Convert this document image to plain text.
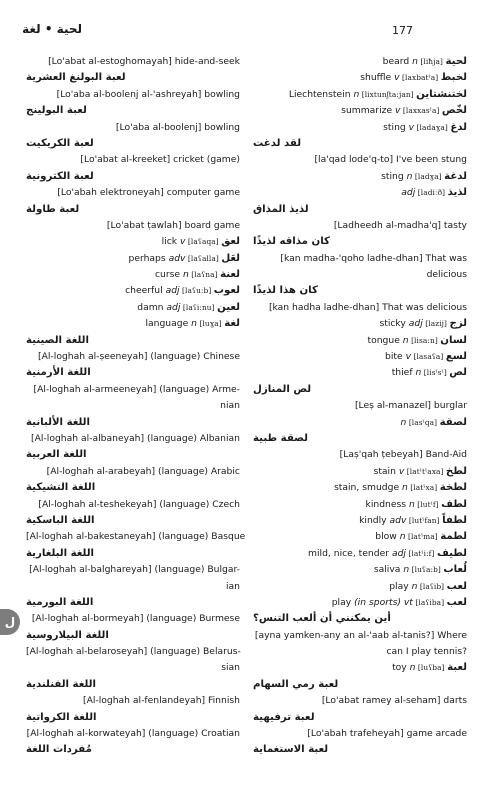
177
لحية • لغة
[Lo'abat al-estoghomayah] hide-and-seek
لعبة البولنغ العشرية
[Lo'aba al-boolenj al-'ashreyah] bowling
لعبة البولينج
[Lo'aba al-boolenj] bowling
لعبة الكريكيت
[Lo'abat al-kreeket] cricket (game)
لعبة الكترونية
[Lo'abah elektroneyah] computer game
لعبة طاولة
[Lo'abat ṭawlah] board game
lick v [laʕaqa] لعق
perhaps adv [laʕalla] لعَل
curse n [laʕna] لعنة
cheerful adj [laʕu:b] لعوب
damn adj [laʕi:nu] لعين
language n [luɣa] لغة
اللغة الصينية
[Al-loghah al-ṣeeneyah] (language) Chinese
اللغة الأرمنية
[Al-loghah al-armeeneyah] (language) Arme-
nian
اللغة الألبانية
[Al-loghah al-albaneyah] (language) Albanian
اللغة العربية
[Al-loghah al-arabeyah] (language) Arabic
اللغة التشيكية
[Al-loghah al-teshekeyah] (language) Czech
اللغة الباسكية
[Al-loghah al-bakestaneyah] (language) Basque
اللغة البلغارية
[Al-loghah al-balghareyah] (language) Bulgar-
ian
اللغة البورمية
[Al-loghah al-bormeyah] (language) Burmese
اللغة البيلاروسية
[Al-loghah al-belaroseyah] (language) Belarus-
sian
اللغة الفنلندية
[Al-loghah al-fenlandeyah] Finnish
اللغة الكرواتية
[Al-loghah al-korwateyah] (language) Croatian
مُفردات اللغة
beard n [liħja] لحية
shuffle v [laxbatˤa] لخبط
Liechtenstein n [lixtunʃta:jan] لختنشتاين
summarize v [laxxasˤa] لخّص
sting v [ladaɣa] لدغ
لقد لدغت
[la'qad lode'q-to] I've been stung
sting n [ladɣa] لدغة
adj [ladiːð] لذيذ
لذيذ المذاق
[Ladheedh al-madha'q] tasty
كان مذاقه لذيذًا
[kan madha-'qoho ladhe-dhan] That was
delicious
كان هذا لذيذًا
[kan hadha ladhe-dhan] That was delicious
sticky adj [lazij] لزج
tongue n [lisa:n] لسان
bite v [lasaʕa] لسع
thief n [lisˤsˤ] لص
لص المنازل
[Leṣ al-manazel] burglar
n [lasˤqa] لصقة
لصقة طبية
[Laṣ'qah ṭebeyah] Band-Aid
stain v [latˤtˤaxa] لطخ
stain, smudge n [latˤxa] لطخة
kindness n [lutˤf] لطف
kindly adv [lutˤfan] لطفاً
blow n [latˤma] لطمة
mild, nice, tender adj [latˤi:f] لطيف
saliva n [luʕa:b] لُعاب
play n [laʕib] لعب
play (in sports) vt [laʕiba] لعب
أين يمكنني أن ألعب التنس؟
[ayna yamken-any an al-'aab al-tanis?] Where
can I play tennis?
toy n [luʕba] لعبة
لعبة رمي السهام
[Lo'abat ramey al-seham] darts
لعبة ترفيهية
[Lo'abah trafeheyah] game arcade
لعبة الاستغماية
ل
